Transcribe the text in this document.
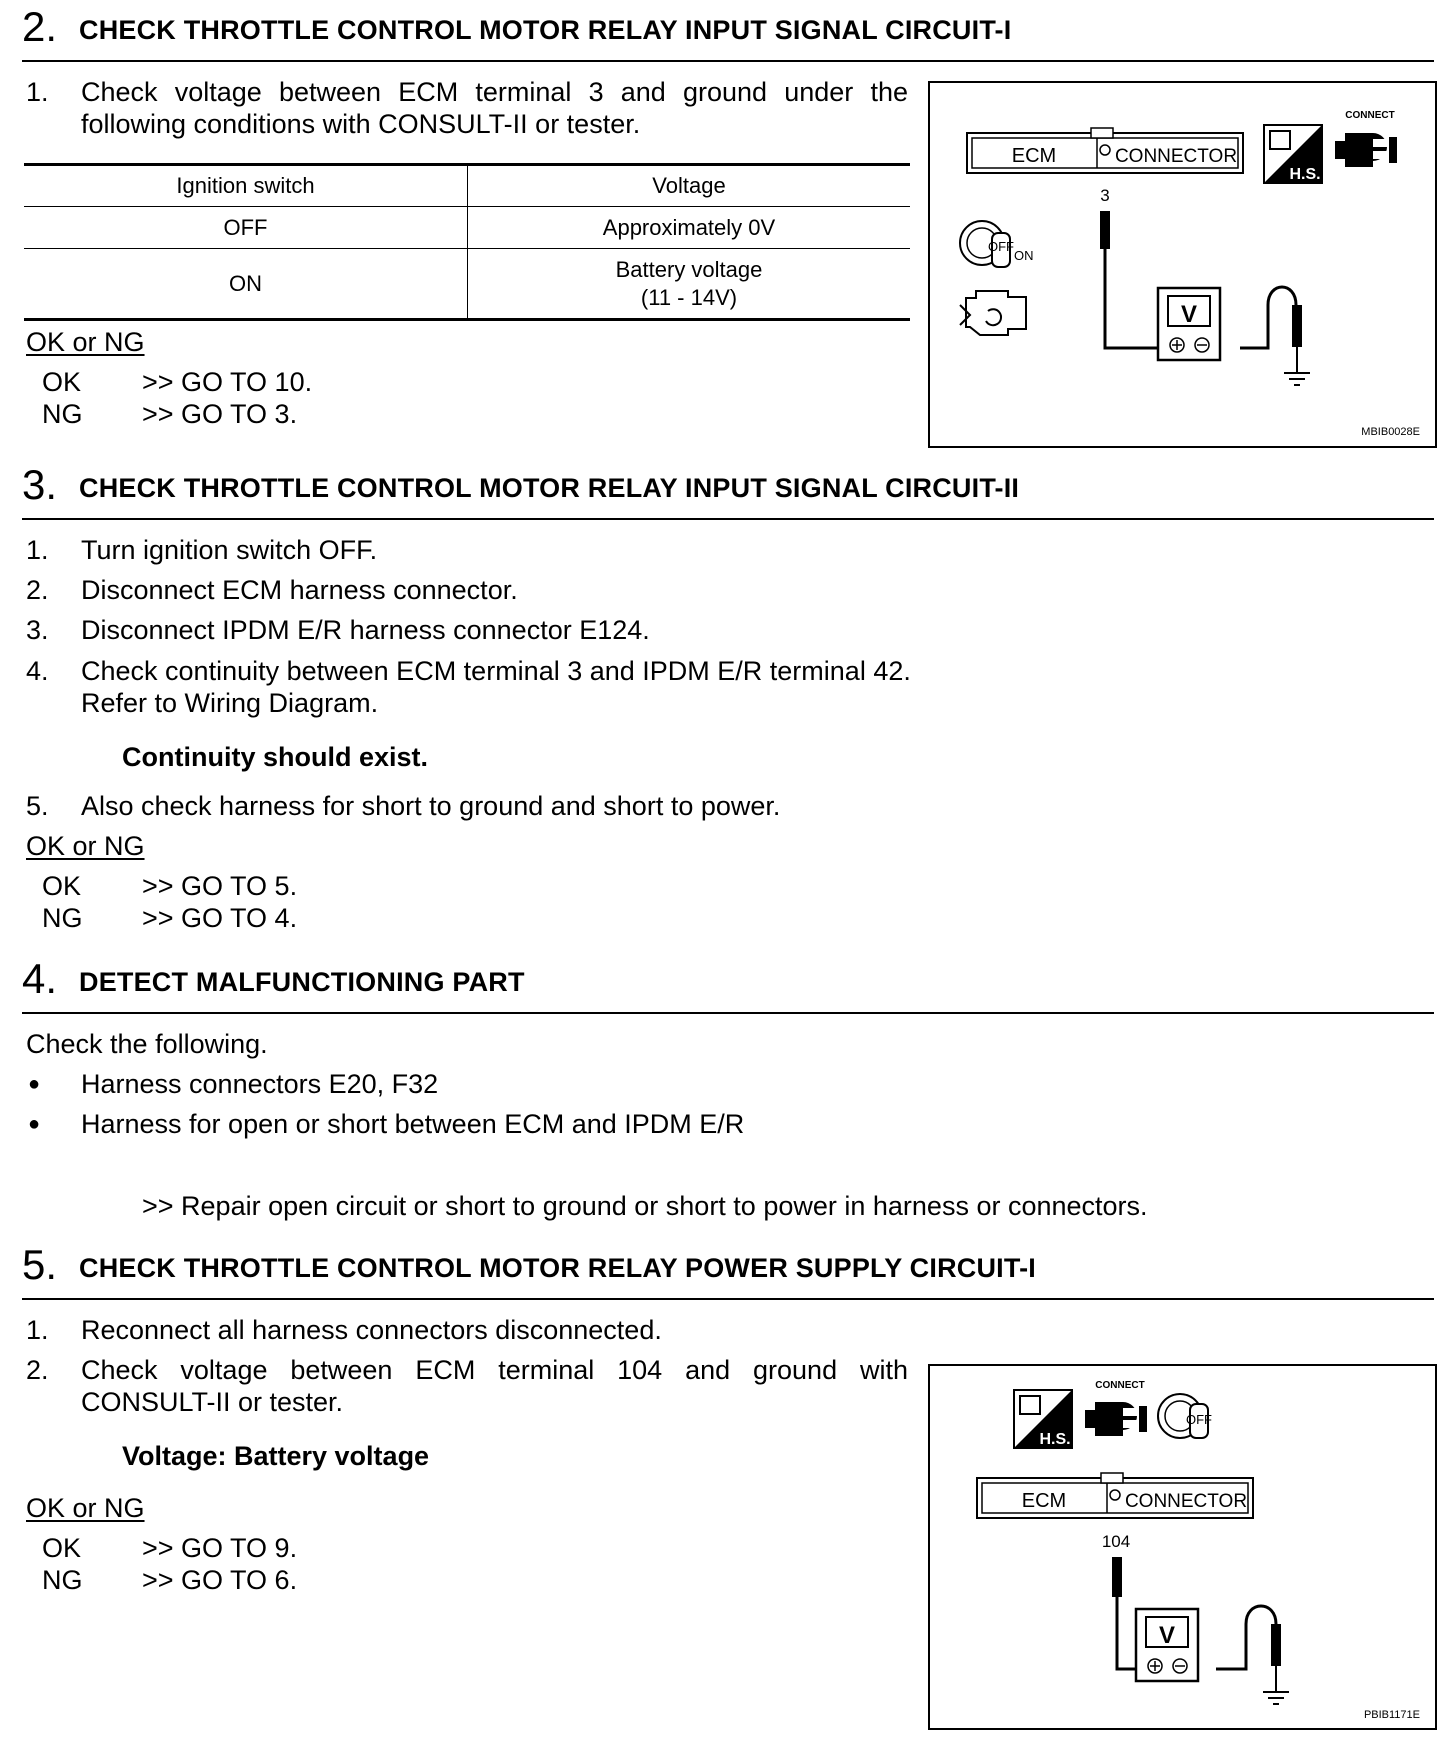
2. CHECK THROTTLE CONTROL MOTOR RELAY INPUT SIGNAL CIRCUIT-I
1. Check voltage between ECM terminal 3 and ground under the following conditions with CONSULT-II or tester.
Ignition switch	Voltage
OFF	Approximately 0V
ON	Battery voltage
(11 - 14V)
OK or NG
OK >> GO TO 10.
NG >> GO TO 3.
ECM	CONNECTOR
H.S.
CONNECT
3
V
OFF
ON
MBIB0028E
3. CHECK THROTTLE CONTROL MOTOR RELAY INPUT SIGNAL CIRCUIT-II
1. Turn ignition switch OFF.
2. Disconnect ECM harness connector.
3. Disconnect IPDM E/R harness connector E124.
4. Check continuity between ECM terminal 3 and IPDM E/R terminal 42.
Refer to Wiring Diagram.
Continuity should exist.
5. Also check harness for short to ground and short to power.
OK or NG
OK >> GO TO 5.
NG >> GO TO 4.
4. DETECT MALFUNCTIONING PART
Check the following.
● Harness connectors E20, F32
● Harness for open or short between ECM and IPDM E/R
>> Repair open circuit or short to ground or short to power in harness or connectors.
5. CHECK THROTTLE CONTROL MOTOR RELAY POWER SUPPLY CIRCUIT-I
1. Reconnect all harness connectors disconnected.
2. Check voltage between ECM terminal 104 and ground with CONSULT-II or tester.
Voltage: Battery voltage
OK or NG
OK >> GO TO 9.
NG >> GO TO 6.
H.S.
CONNECT
OFF
ECM	CONNECTOR
104
V
PBIB1171E
